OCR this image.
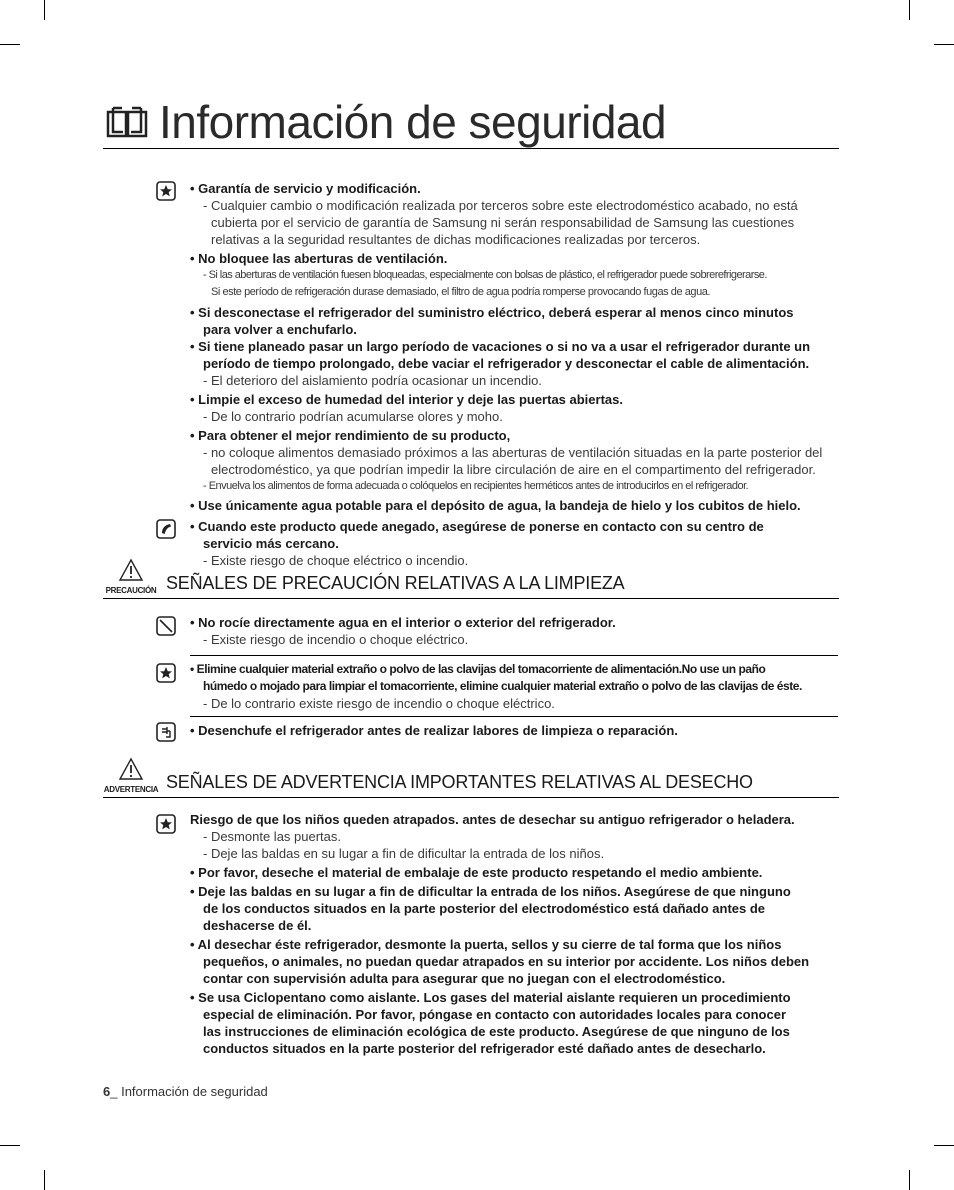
Información de seguridad
• Garantía de servicio y modificación.
- Cualquier cambio o modificación realizada por terceros sobre este electrodoméstico acabado, no está
cubierta por el servicio de garantía de Samsung ni serán responsabilidad de Samsung las cuestiones
relativas a la seguridad resultantes de dichas modificaciones realizadas por terceros.
• No bloquee las aberturas de ventilación.
- Si las aberturas de ventilación fuesen bloqueadas, especialmente con bolsas de plástico, el refrigerador puede sobrerefrigerarse.
Si este período de refrigeración durase demasiado, el filtro de agua podría romperse provocando fugas de agua.
• Si desconectase el refrigerador del suministro eléctrico, deberá esperar al menos cinco minutos
para volver a enchufarlo.
• Si tiene planeado pasar un largo período de vacaciones o si no va a usar el refrigerador durante un
período de tiempo prolongado, debe vaciar el refrigerador y desconectar el cable de alimentación.
- El deterioro del aislamiento podría ocasionar un incendio.
• Limpie el exceso de humedad del interior y deje las puertas abiertas.
- De lo contrario podrían acumularse olores y moho.
• Para obtener el mejor rendimiento de su producto,
- no coloque alimentos demasiado próximos a las aberturas de ventilación situadas en la parte posterior del
electrodoméstico, ya que podrían impedir la libre circulación de aire en el compartimento del refrigerador.
- Envuelva los alimentos de forma adecuada o colóquelos en recipientes herméticos antes de introducirlos en el refrigerador.
• Use únicamente agua potable para el depósito de agua, la bandeja de hielo y los cubitos de hielo.
• Cuando este producto quede anegado, asegúrese de ponerse en contacto con su centro de
servicio más cercano.
- Existe riesgo de choque eléctrico o incendio.
PRECAUCIÓN SEÑALES DE PRECAUCIÓN RELATIVAS A LA LIMPIEZA
• No rocíe directamente agua en el interior o exterior del refrigerador.
- Existe riesgo de incendio o choque eléctrico.
• Elimine cualquier material extraño o polvo de las clavijas del tomacorriente de alimentación.No use un paño
húmedo o mojado para limpiar el tomacorriente, elimine cualquier material extraño o polvo de las clavijas de éste.
- De lo contrario existe riesgo de incendio o choque eléctrico.
• Desenchufe el refrigerador antes de realizar labores de limpieza o reparación.
ADVERTENCIA SEÑALES DE ADVERTENCIA IMPORTANTES RELATIVAS AL DESECHO
Riesgo de que los niños queden atrapados. antes de desechar su antiguo refrigerador o heladera.
- Desmonte las puertas.
- Deje las baldas en su lugar a fin de dificultar la entrada de los niños.
• Por favor, deseche el material de embalaje de este producto respetando el medio ambiente.
• Deje las baldas en su lugar a fin de dificultar la entrada de los niños. Asegúrese de que ninguno
de los conductos situados en la parte posterior del electrodoméstico está dañado antes de
deshacerse de él.
• Al desechar éste refrigerador, desmonte la puerta, sellos y su cierre de tal forma que los niños
pequeños, o animales, no puedan quedar atrapados en su interior por accidente. Los niños deben
contar con supervisión adulta para asegurar que no juegan con el electrodoméstico.
• Se usa Ciclopentano como aislante. Los gases del material aislante requieren un procedimiento
especial de eliminación. Por favor, póngase en contacto con autoridades locales para conocer
las instrucciones de eliminación ecológica de este producto. Asegúrese de que ninguno de los
conductos situados en la parte posterior del refrigerador esté dañado antes de desecharlo.
6_ Información de seguridad
